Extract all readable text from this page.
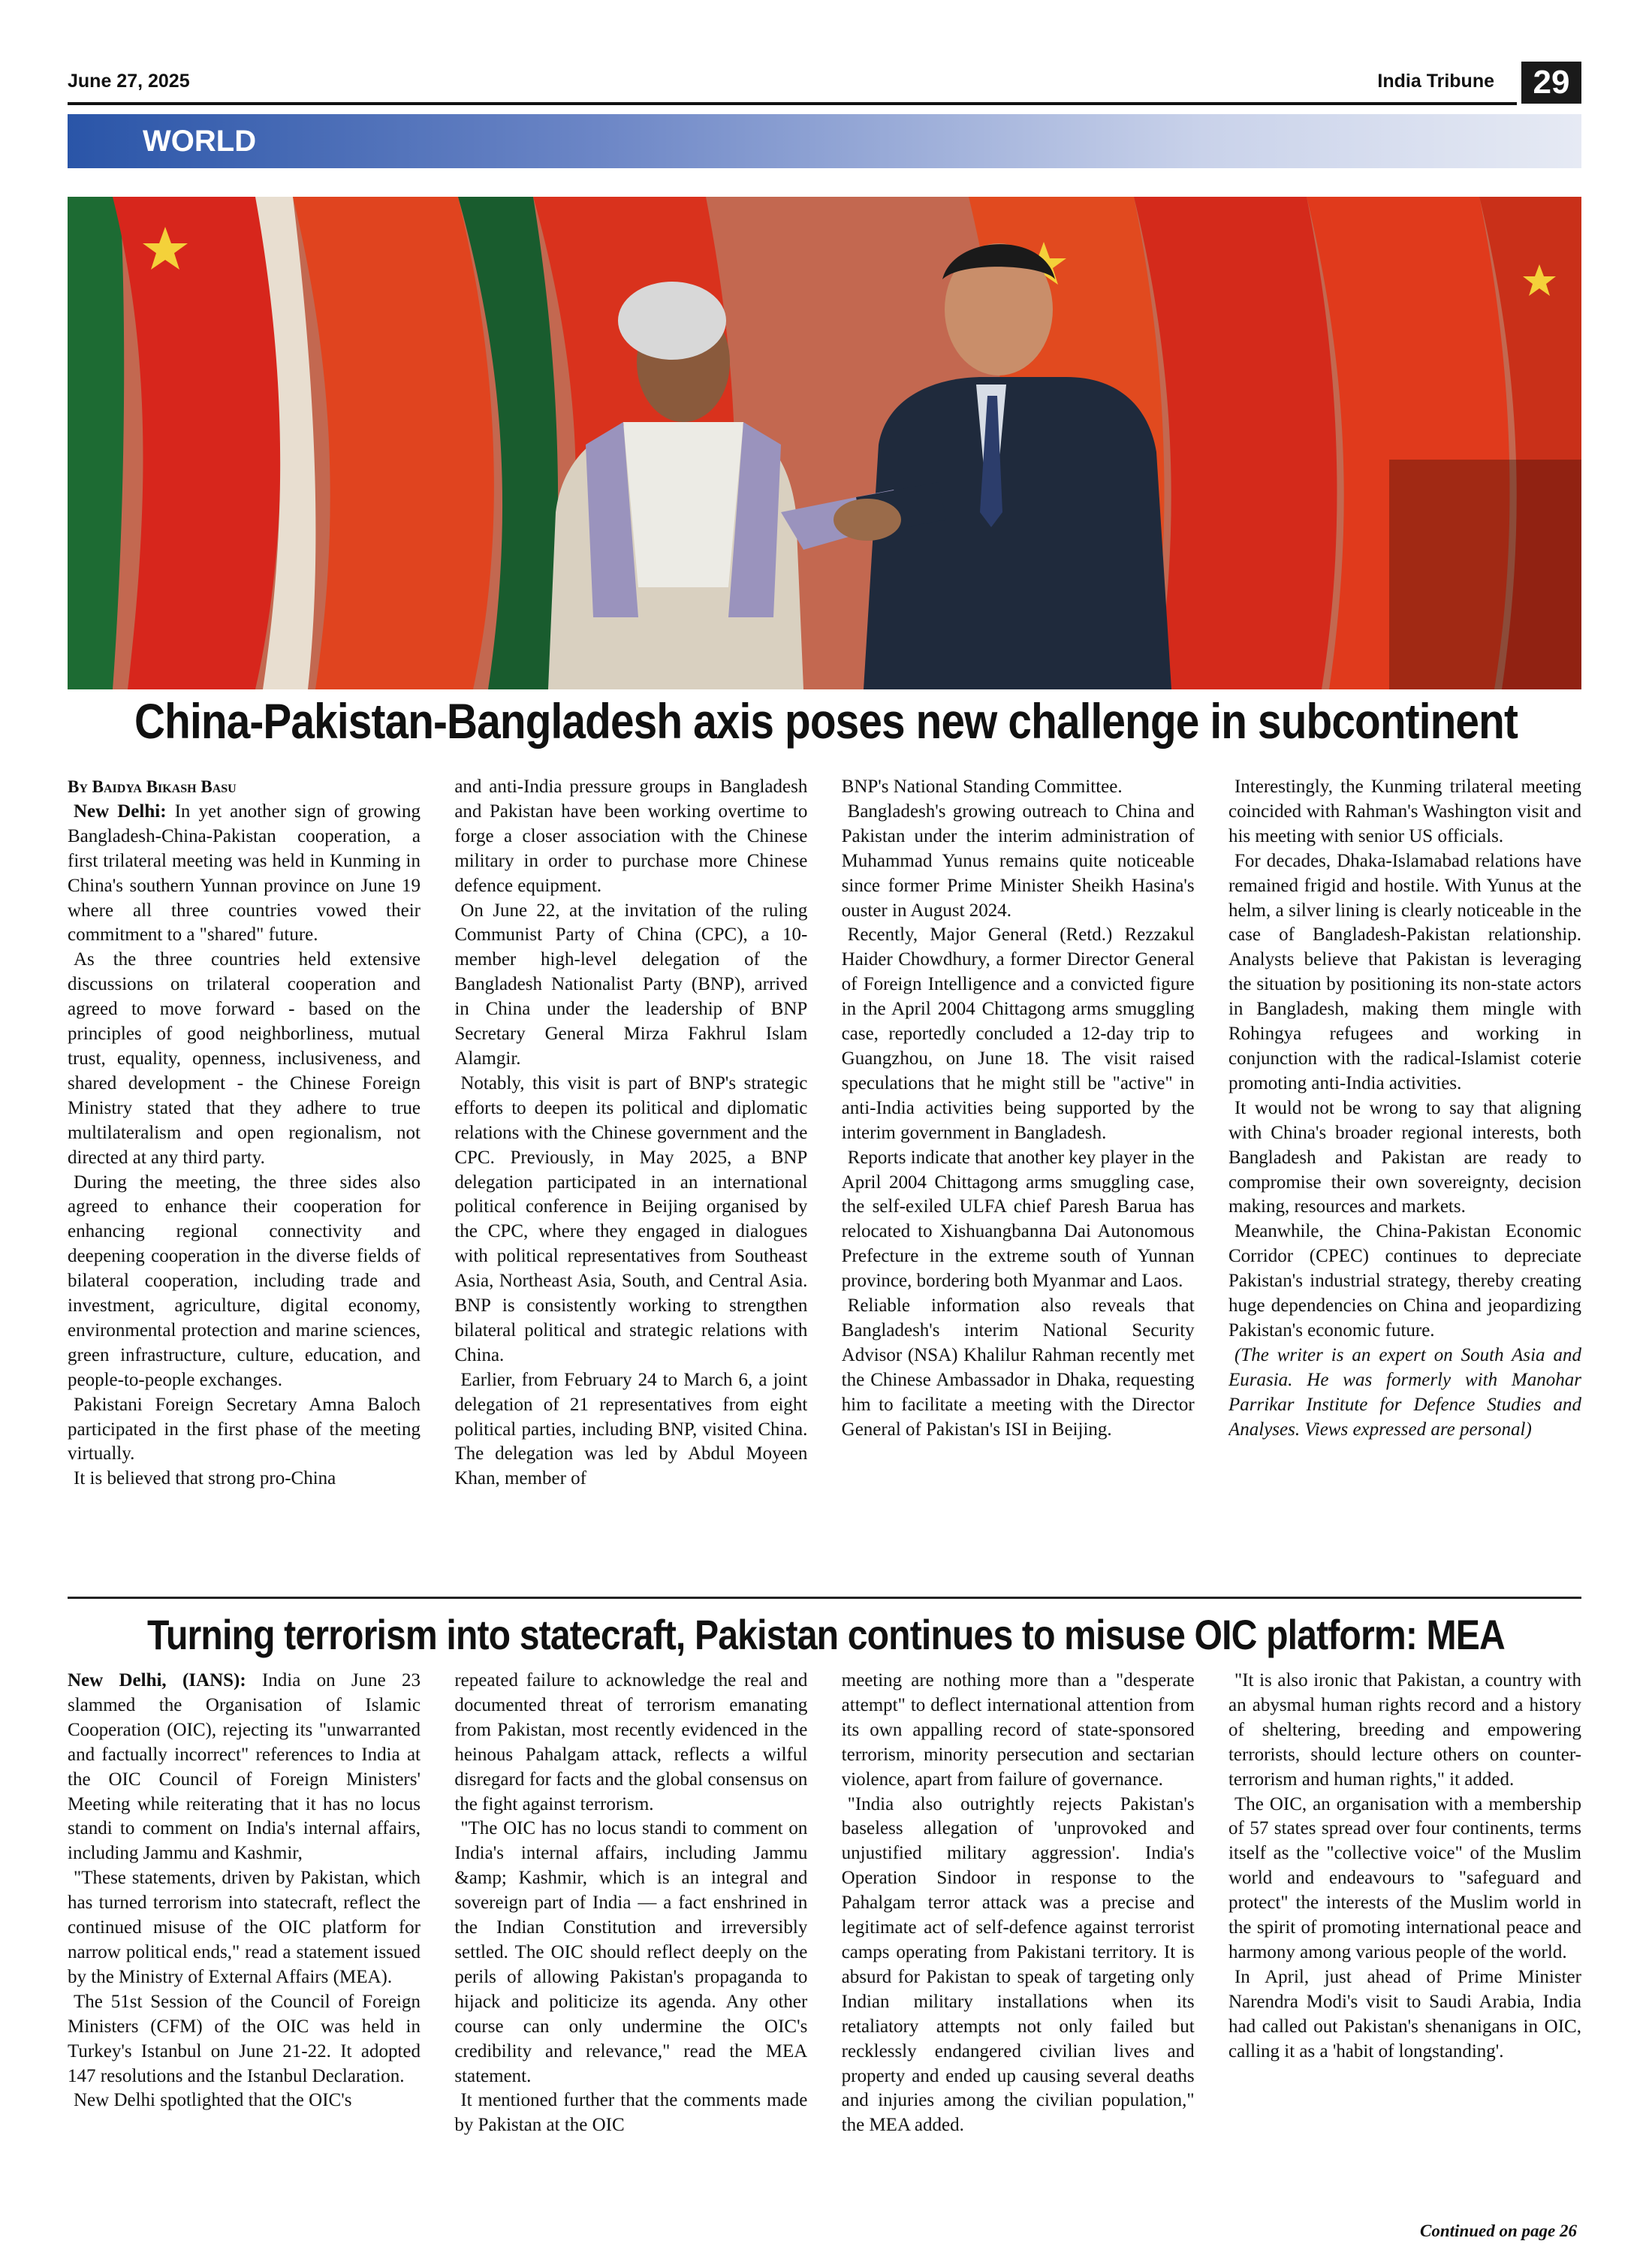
June 27, 2025	India Tribune	29
WORLD
China-Pakistan-Bangladesh axis poses new challenge in subcontinent
By Baidya Bikash Basu

New Delhi: In yet another sign of growing Bangladesh-China-Pakistan cooperation, a first trilateral meeting was held in Kunming in China's southern Yunnan province on June 19 where all three countries vowed their commitment to a "shared" future.

As the three countries held extensive discussions on trilateral cooperation and agreed to move forward - based on the principles of good neighborliness, mutual trust, equality, openness, inclusiveness, and shared development - the Chinese Foreign Ministry stated that they adhere to true multilateralism and open regionalism, not directed at any third party.

During the meeting, the three sides also agreed to enhance their cooperation for enhancing regional connectivity and deepening cooperation in the diverse fields of bilateral cooperation, including trade and investment, agriculture, digital economy, environmental protection and marine sciences, green infrastructure, culture, education, and people-to-people exchanges.

Pakistani Foreign Secretary Amna Baloch participated in the first phase of the meeting virtually.

It is believed that strong pro-China

and anti-India pressure groups in Bangladesh and Pakistan have been working overtime to forge a closer association with the Chinese military in order to purchase more Chinese defence equipment.

On June 22, at the invitation of the ruling Communist Party of China (CPC), a 10-member high-level delegation of the Bangladesh Nationalist Party (BNP), arrived in China under the leadership of BNP Secretary General Mirza Fakhrul Islam Alamgir.

Notably, this visit is part of BNP's strategic efforts to deepen its political and diplomatic relations with the Chinese government and the CPC. Previously, in May 2025, a BNP delegation participated in an international political conference in Beijing organised by the CPC, where they engaged in dialogues with political representatives from Southeast Asia, Northeast Asia, South, and Central Asia. BNP is consistently working to strengthen bilateral political and strategic relations with China.

Earlier, from February 24 to March 6, a joint delegation of 21 representatives from eight political parties, including BNP, visited China. The delegation was led by Abdul Moyeen Khan, member of

BNP's National Standing Committee.

Bangladesh's growing outreach to China and Pakistan under the interim administration of Muhammad Yunus remains quite noticeable since former Prime Minister Sheikh Hasina's ouster in August 2024.

Recently, Major General (Retd.) Rezzakul Haider Chowdhury, a former Director General of Foreign Intelligence and a convicted figure in the April 2004 Chittagong arms smuggling case, reportedly concluded a 12-day trip to Guangzhou, on June 18. The visit raised speculations that he might still be "active" in anti-India activities being supported by the interim government in Bangladesh.

Reports indicate that another key player in the April 2004 Chittagong arms smuggling case, the self-exiled ULFA chief Paresh Barua has relocated to Xishuangbanna Dai Autonomous Prefecture in the extreme south of Yunnan province, bordering both Myanmar and Laos.

Reliable information also reveals that Bangladesh's interim National Security Advisor (NSA) Khalilur Rahman recently met the Chinese Ambassador in Dhaka, requesting him to facilitate a meeting with the Director General of Pakistan's ISI in Beijing.

Interestingly, the Kunming trilateral meeting coincided with Rahman's Washington visit and his meeting with senior US officials.

For decades, Dhaka-Islamabad relations have remained frigid and hostile. With Yunus at the helm, a silver lining is clearly noticeable in the case of Bangladesh-Pakistan relationship. Analysts believe that Pakistan is leveraging the situation by positioning its non-state actors in Bangladesh, making them mingle with Rohingya refugees and working in conjunction with the radical-Islamist coterie promoting anti-India activities.

It would not be wrong to say that aligning with China's broader regional interests, both Bangladesh and Pakistan are ready to compromise their own sovereignty, decision making, resources and markets.

Meanwhile, the China-Pakistan Economic Corridor (CPEC) continues to depreciate Pakistan's industrial strategy, thereby creating huge dependencies on China and jeopardizing Pakistan's economic future.

(The writer is an expert on South Asia and Eurasia. He was formerly with Manohar Parrikar Institute for Defence Studies and Analyses. Views expressed are personal)

Turning terrorism into statecraft, Pakistan continues to misuse OIC platform: MEA

New Delhi, (IANS): India on June 23 slammed the Organisation of Islamic Cooperation (OIC), rejecting its "unwarranted and factually incorrect" references to India at the OIC Council of Foreign Ministers' Meeting while reiterating that it has no locus standi to comment on India's internal affairs, including Jammu and Kashmir,

"These statements, driven by Pakistan, which has turned terrorism into statecraft, reflect the continued misuse of the OIC platform for narrow political ends," read a statement issued by the Ministry of External Affairs (MEA).

The 51st Session of the Council of Foreign Ministers (CFM) of the OIC was held in Turkey's Istanbul on June 21-22. It adopted 147 resolutions and the Istanbul Declaration.

New Delhi spotlighted that the OIC's

repeated failure to acknowledge the real and documented threat of terrorism emanating from Pakistan, most recently evidenced in the heinous Pahalgam attack, reflects a wilful disregard for facts and the global consensus on the fight against terrorism.

"The OIC has no locus standi to comment on India's internal affairs, including Jammu &amp; Kashmir, which is an integral and sovereign part of India — a fact enshrined in the Indian Constitution and irreversibly settled. The OIC should reflect deeply on the perils of allowing Pakistan's propaganda to hijack and politicize its agenda. Any other course can only undermine the OIC's credibility and relevance," read the MEA statement.

It mentioned further that the comments made by Pakistan at the OIC

meeting are nothing more than a "desperate attempt" to deflect international attention from its own appalling record of state-sponsored terrorism, minority persecution and sectarian violence, apart from failure of governance.

"India also outrightly rejects Pakistan's baseless allegation of 'unprovoked and unjustified military aggression'. India's Operation Sindoor in response to the Pahalgam terror attack was a precise and legitimate act of self-defence against terrorist camps operating from Pakistani territory. It is absurd for Pakistan to speak of targeting only Indian military installations when its retaliatory attempts not only failed but recklessly endangered civilian lives and property and ended up causing several deaths and injuries among the civilian population," the MEA added.

"It is also ironic that Pakistan, a country with an abysmal human rights record and a history of sheltering, breeding and empowering terrorists, should lecture others on counter-terrorism and human rights," it added.

The OIC, an organisation with a membership of 57 states spread over four continents, terms itself as the "collective voice" of the Muslim world and endeavours to "safeguard and protect" the interests of the Muslim world in the spirit of promoting international peace and harmony among various people of the world.

In April, just ahead of Prime Minister Narendra Modi's visit to Saudi Arabia, India had called out Pakistan's shenanigans in OIC, calling it as a 'habit of longstanding'.

Continued on page 26
